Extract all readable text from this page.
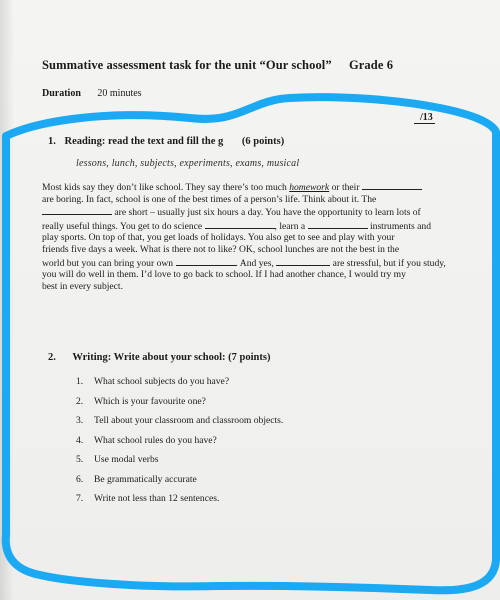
Summative assessment task for the unit “Our school” Grade 6
Duration 20 minutes
/13
1. Reading: read the text and fill the g (6 points)
lessons, lunch, subjects, experiments, exams, musical
Most kids say they don’t like school. They say there’s too much homework or their
are boring. In fact, school is one of the best times of a person’s life. Think about it. The
are short – usually just six hours a day. You have the opportunity to learn lots of
really useful things. You get to do science	, learn a	instruments and
play sports. On top of that, you get loads of holidays. You also get to see and play with your
friends five days a week. What is there not to like? OK, school lunches are not the best in the
world but you can bring your own	. And yes,	are stressful, but if you study,
you will do well in them. I’d love to go back to school. If I had another chance, I would try my
best in every subject.
2. Writing: Write about your school: (7 points)
1.	What school subjects do you have?
2.	Which is your favourite one?
3.	Tell about your classroom and classroom objects.
4.	What school rules do you have?
5.	Use modal verbs
6.	Be grammatically accurate
7.	Write not less than 12 sentences.
